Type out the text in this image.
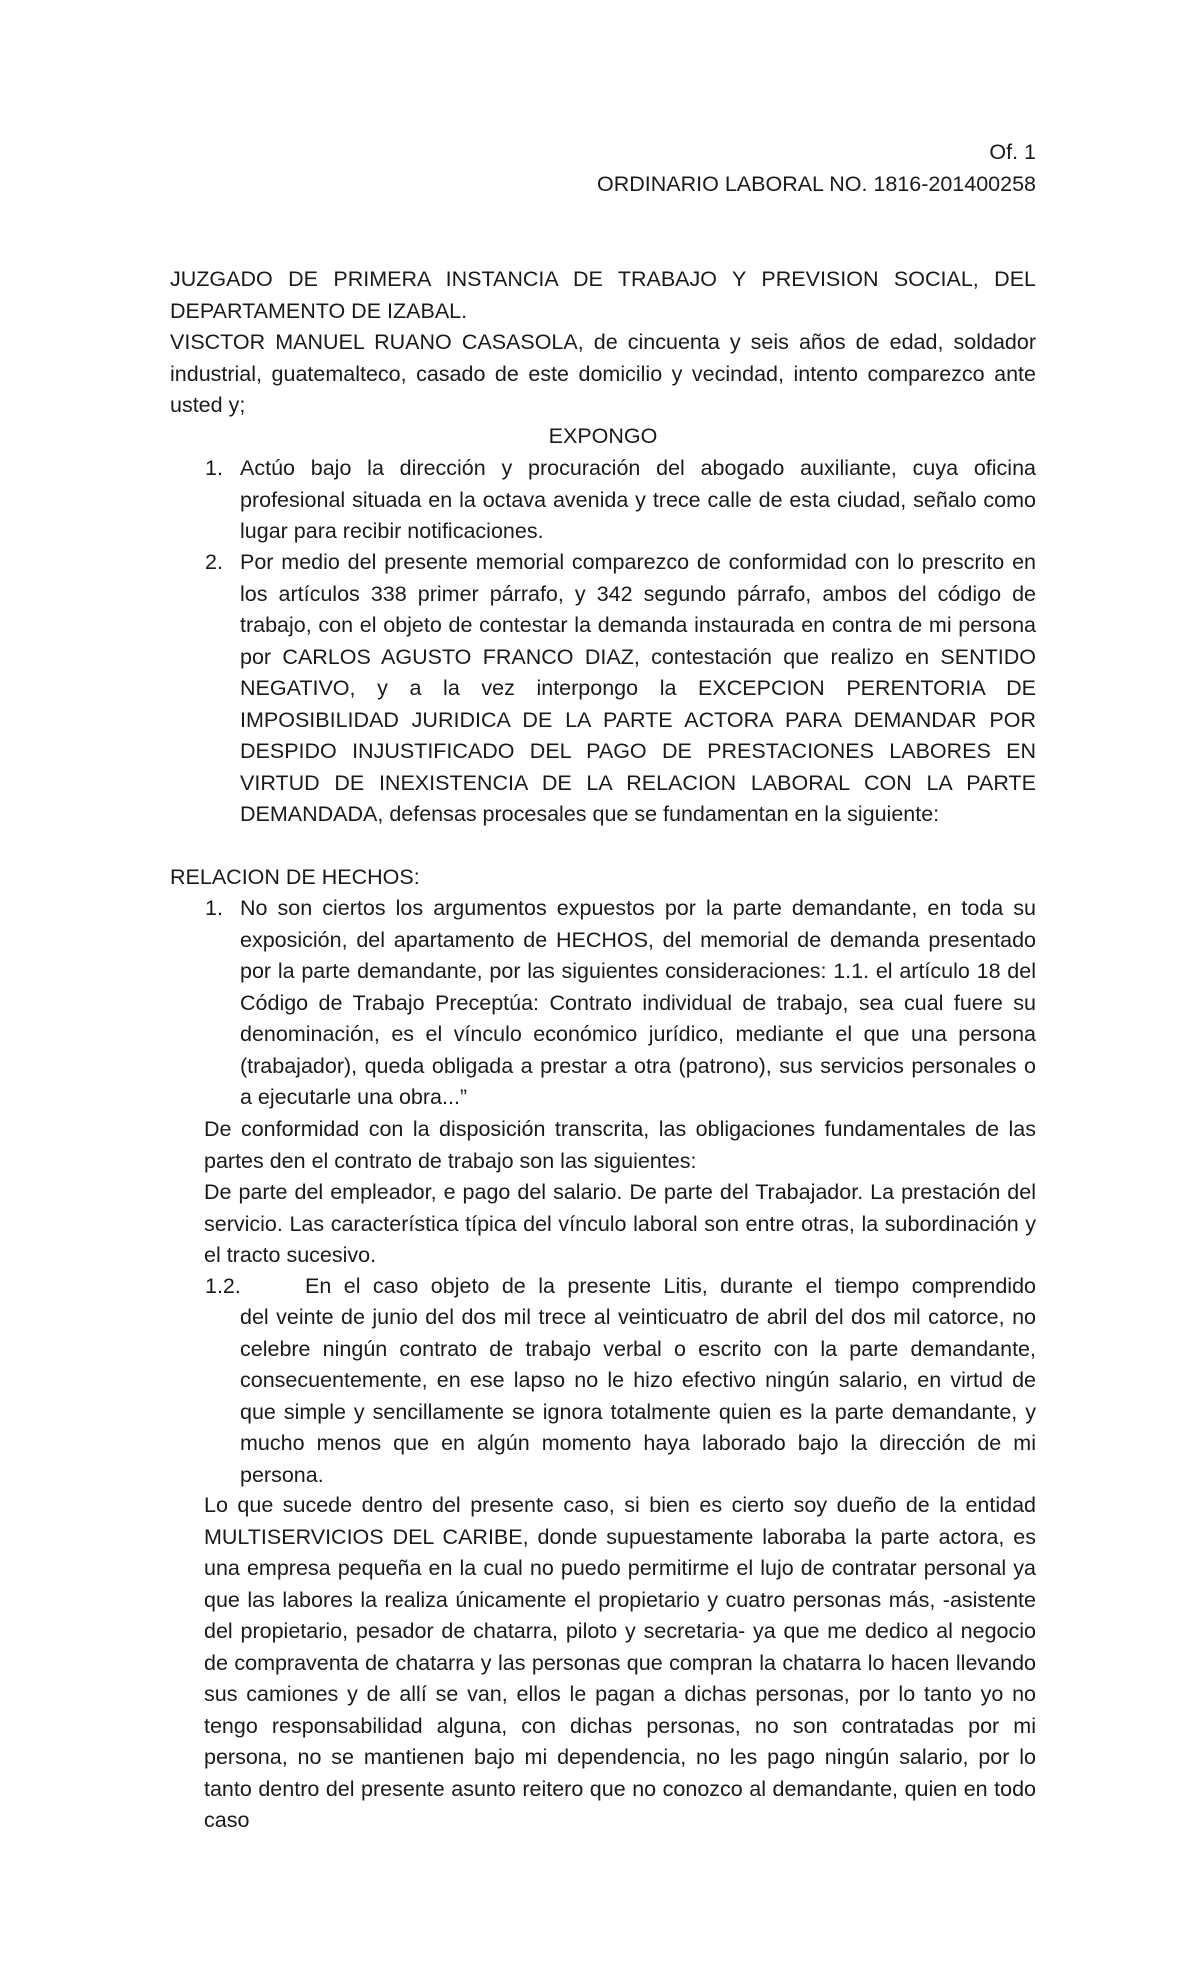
Of. 1
ORDINARIO LABORAL NO. 1816-201400258
JUZGADO DE PRIMERA INSTANCIA DE TRABAJO Y PREVISION SOCIAL, DEL DEPARTAMENTO DE IZABAL.
VISCTOR MANUEL RUANO CASASOLA, de cincuenta y seis años de edad, soldador industrial, guatemalteco, casado de este domicilio y vecindad, intento comparezco ante usted y;
EXPONGO
1. Actúo bajo la dirección y procuración del abogado auxiliante, cuya oficina profesional situada en la octava avenida y trece calle de esta ciudad, señalo como lugar para recibir notificaciones.
2. Por medio del presente memorial comparezco de conformidad con lo prescrito en los artículos 338 primer párrafo, y 342 segundo párrafo, ambos del código de trabajo, con el objeto de contestar la demanda instaurada en contra de mi persona por CARLOS AGUSTO FRANCO DIAZ, contestación que realizo en SENTIDO NEGATIVO, y a la vez interpongo la EXCEPCION PERENTORIA DE IMPOSIBILIDAD JURIDICA DE LA PARTE ACTORA PARA DEMANDAR POR DESPIDO INJUSTIFICADO DEL PAGO DE PRESTACIONES LABORES EN VIRTUD DE INEXISTENCIA DE LA RELACION LABORAL CON LA PARTE DEMANDADA, defensas procesales que se fundamentan en la siguiente:
RELACION DE HECHOS:
1. No son ciertos los argumentos expuestos por la parte demandante, en toda su exposición, del apartamento de HECHOS, del memorial de demanda presentado por la parte demandante, por las siguientes consideraciones: 1.1. el artículo 18 del Código de Trabajo Preceptúa: Contrato individual de trabajo, sea cual fuere su denominación, es el vínculo económico jurídico, mediante el que una persona (trabajador), queda obligada a prestar a otra (patrono), sus servicios personales o a ejecutarle una obra...”
De conformidad con la disposición transcrita, las obligaciones fundamentales de las partes den el contrato de trabajo son las siguientes:
De parte del empleador, e pago del salario. De parte del Trabajador. La prestación del servicio. Las característica típica del vínculo laboral son entre otras, la subordinación y el tracto sucesivo.
1.2.	En el caso objeto de la presente Litis, durante el tiempo comprendido
del veinte de junio del dos mil trece al veinticuatro de abril del dos mil catorce, no celebre ningún contrato de trabajo verbal o escrito con la parte demandante, consecuentemente, en ese lapso no le hizo efectivo ningún salario, en virtud de que simple y sencillamente se ignora totalmente quien es la parte demandante, y mucho menos que en algún momento haya laborado bajo la dirección de mi persona.
Lo que sucede dentro del presente caso, si bien es cierto soy dueño de la entidad MULTISERVICIOS DEL CARIBE, donde supuestamente laboraba la parte actora, es una empresa pequeña en la cual no puedo permitirme el lujo de contratar personal ya que las labores la realiza únicamente el propietario y cuatro personas más, -asistente del propietario, pesador de chatarra, piloto y secretaria- ya que me dedico al negocio de compraventa de chatarra y las personas que compran la chatarra lo hacen llevando sus camiones y de allí se van, ellos le pagan a dichas personas, por lo tanto yo no tengo responsabilidad alguna, con dichas personas, no son contratadas por mi persona, no se mantienen bajo mi dependencia, no les pago ningún salario, por lo tanto dentro del presente asunto reitero que no conozco al demandante, quien en todo caso
